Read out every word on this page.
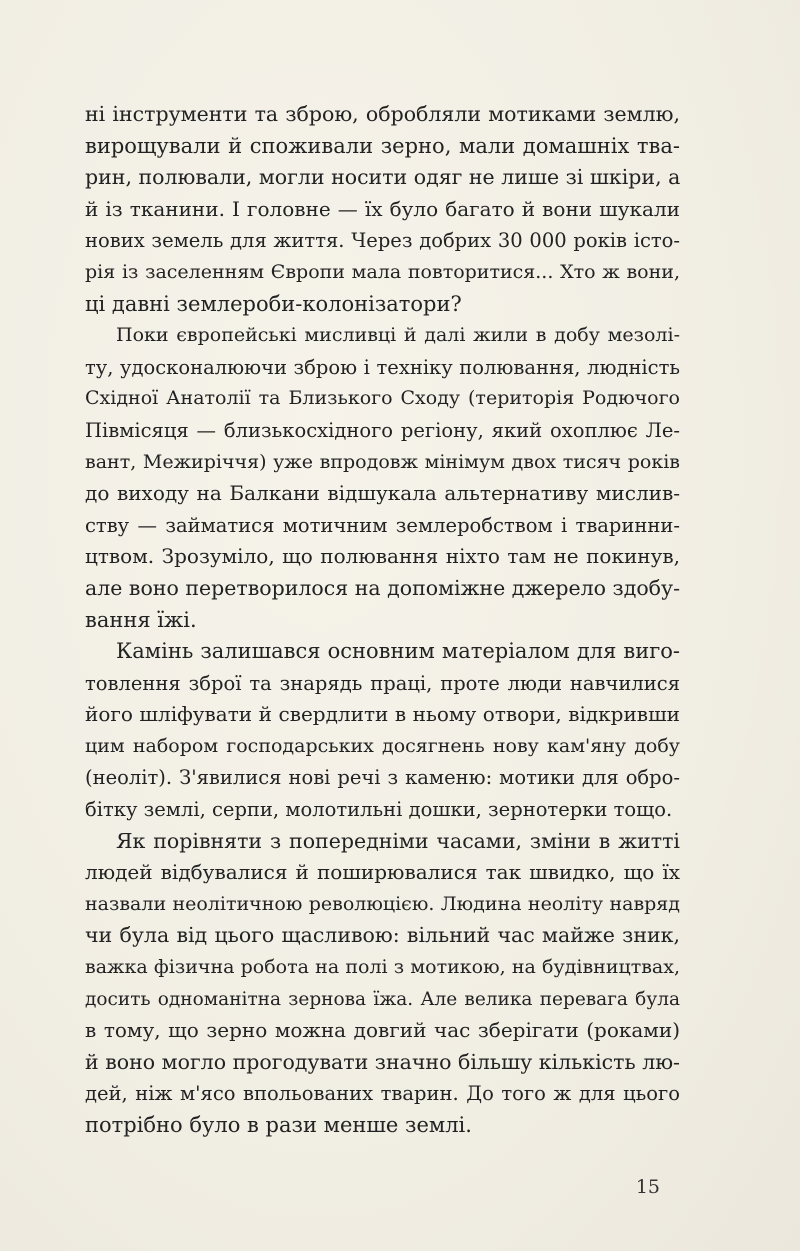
ні інструменти та зброю, обробляли мотиками землю,
вирощували й споживали зерно, мали домашніх тва-
рин, полювали, могли носити одяг не лише зі шкіри, а
й із тканини. І головне — їх було багато й вони шукали
нових земель для життя. Через добрих 30 000 років істо-
рія із заселенням Європи мала повторитися... Хто ж вони,
ці давні землероби-колонізатори?
Поки європейські мисливці й далі жили в добу мезолі-
ту, удосконалюючи зброю і техніку полювання, людність
Східної Анатолії та Близького Сходу (територія Родючого
Півмісяця — близькосхідного регіону, який охоплює Ле-
вант, Межиріччя) уже впродовж мінімум двох тисяч років
до виходу на Балкани відшукала альтернативу мислив-
ству — займатися мотичним землеробством і тваринни-
цтвом. Зрозуміло, що полювання ніхто там не покинув,
але воно перетворилося на допоміжне джерело здобу-
вання їжі.
Камінь залишався основним матеріалом для виго-
товлення зброї та знарядь праці, проте люди навчилися
його шліфувати й свердлити в ньому отвори, відкривши
цим набором господарських досягнень нову кам'яну добу
(неоліт). З'явилися нові речі з каменю: мотики для обро-
бітку землі, серпи, молотильні дошки, зернотерки тощо.
Як порівняти з попередніми часами, зміни в житті
людей відбувалися й поширювалися так швидко, що їх
назвали неолітичною революцією. Людина неоліту навряд
чи була від цього щасливою: вільний час майже зник,
важка фізична робота на полі з мотикою, на будівництвах,
досить одноманітна зернова їжа. Але велика перевага була
в тому, що зерно можна довгий час зберігати (роками)
й воно могло прогодувати значно більшу кількість лю-
дей, ніж м'ясо впольованих тварин. До того ж для цього
потрібно було в рази менше землі.
15
